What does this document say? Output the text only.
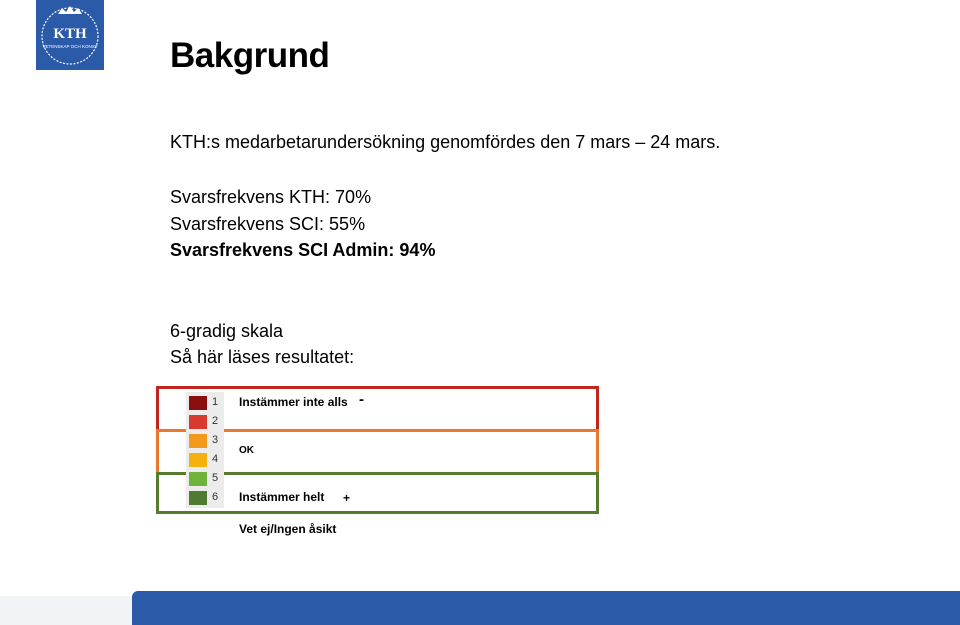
KTH
VETENSKAP OCH KONST Bakgrund
KTH:s medarbetarundersökning genomfördes den 7 mars – 24 mars.
Svarsfrekvens KTH: 70%
Svarsfrekvens SCI: 55%
Svarsfrekvens SCI Admin: 94%
6-gradig skala
Så här läses resultatet:
1
2
3
4
5
6
Instämmer inte alls -
OK
Instämmer helt +
Vet ej/Ingen åsikt
